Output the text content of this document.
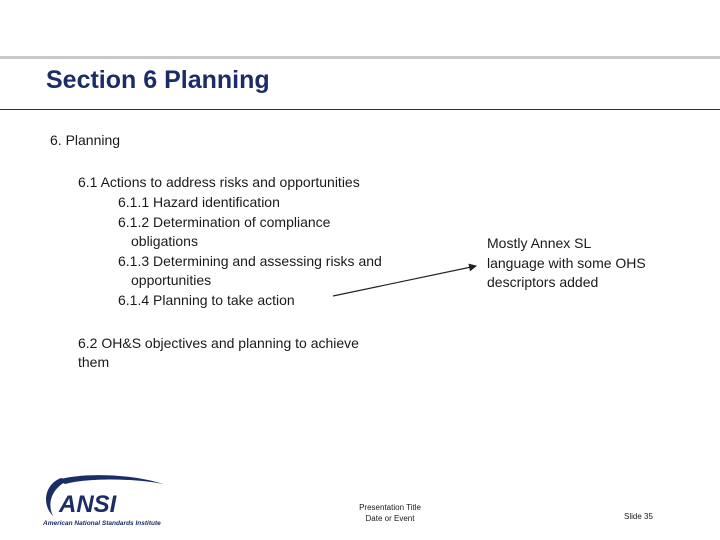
Section 6 Planning
6. Planning
6.1 Actions to address risks and opportunities
6.1.1 Hazard identification
6.1.2 Determination of compliance
obligations
6.1.3 Determining and assessing risks and
opportunities
6.1.4 Planning to take action
6.2 OH&S objectives and planning to achieve
them
Mostly Annex SL
language with some OHS
descriptors added
ANSI
American National Standards Institute
Presentation Title
Date or Event	Slide 35
